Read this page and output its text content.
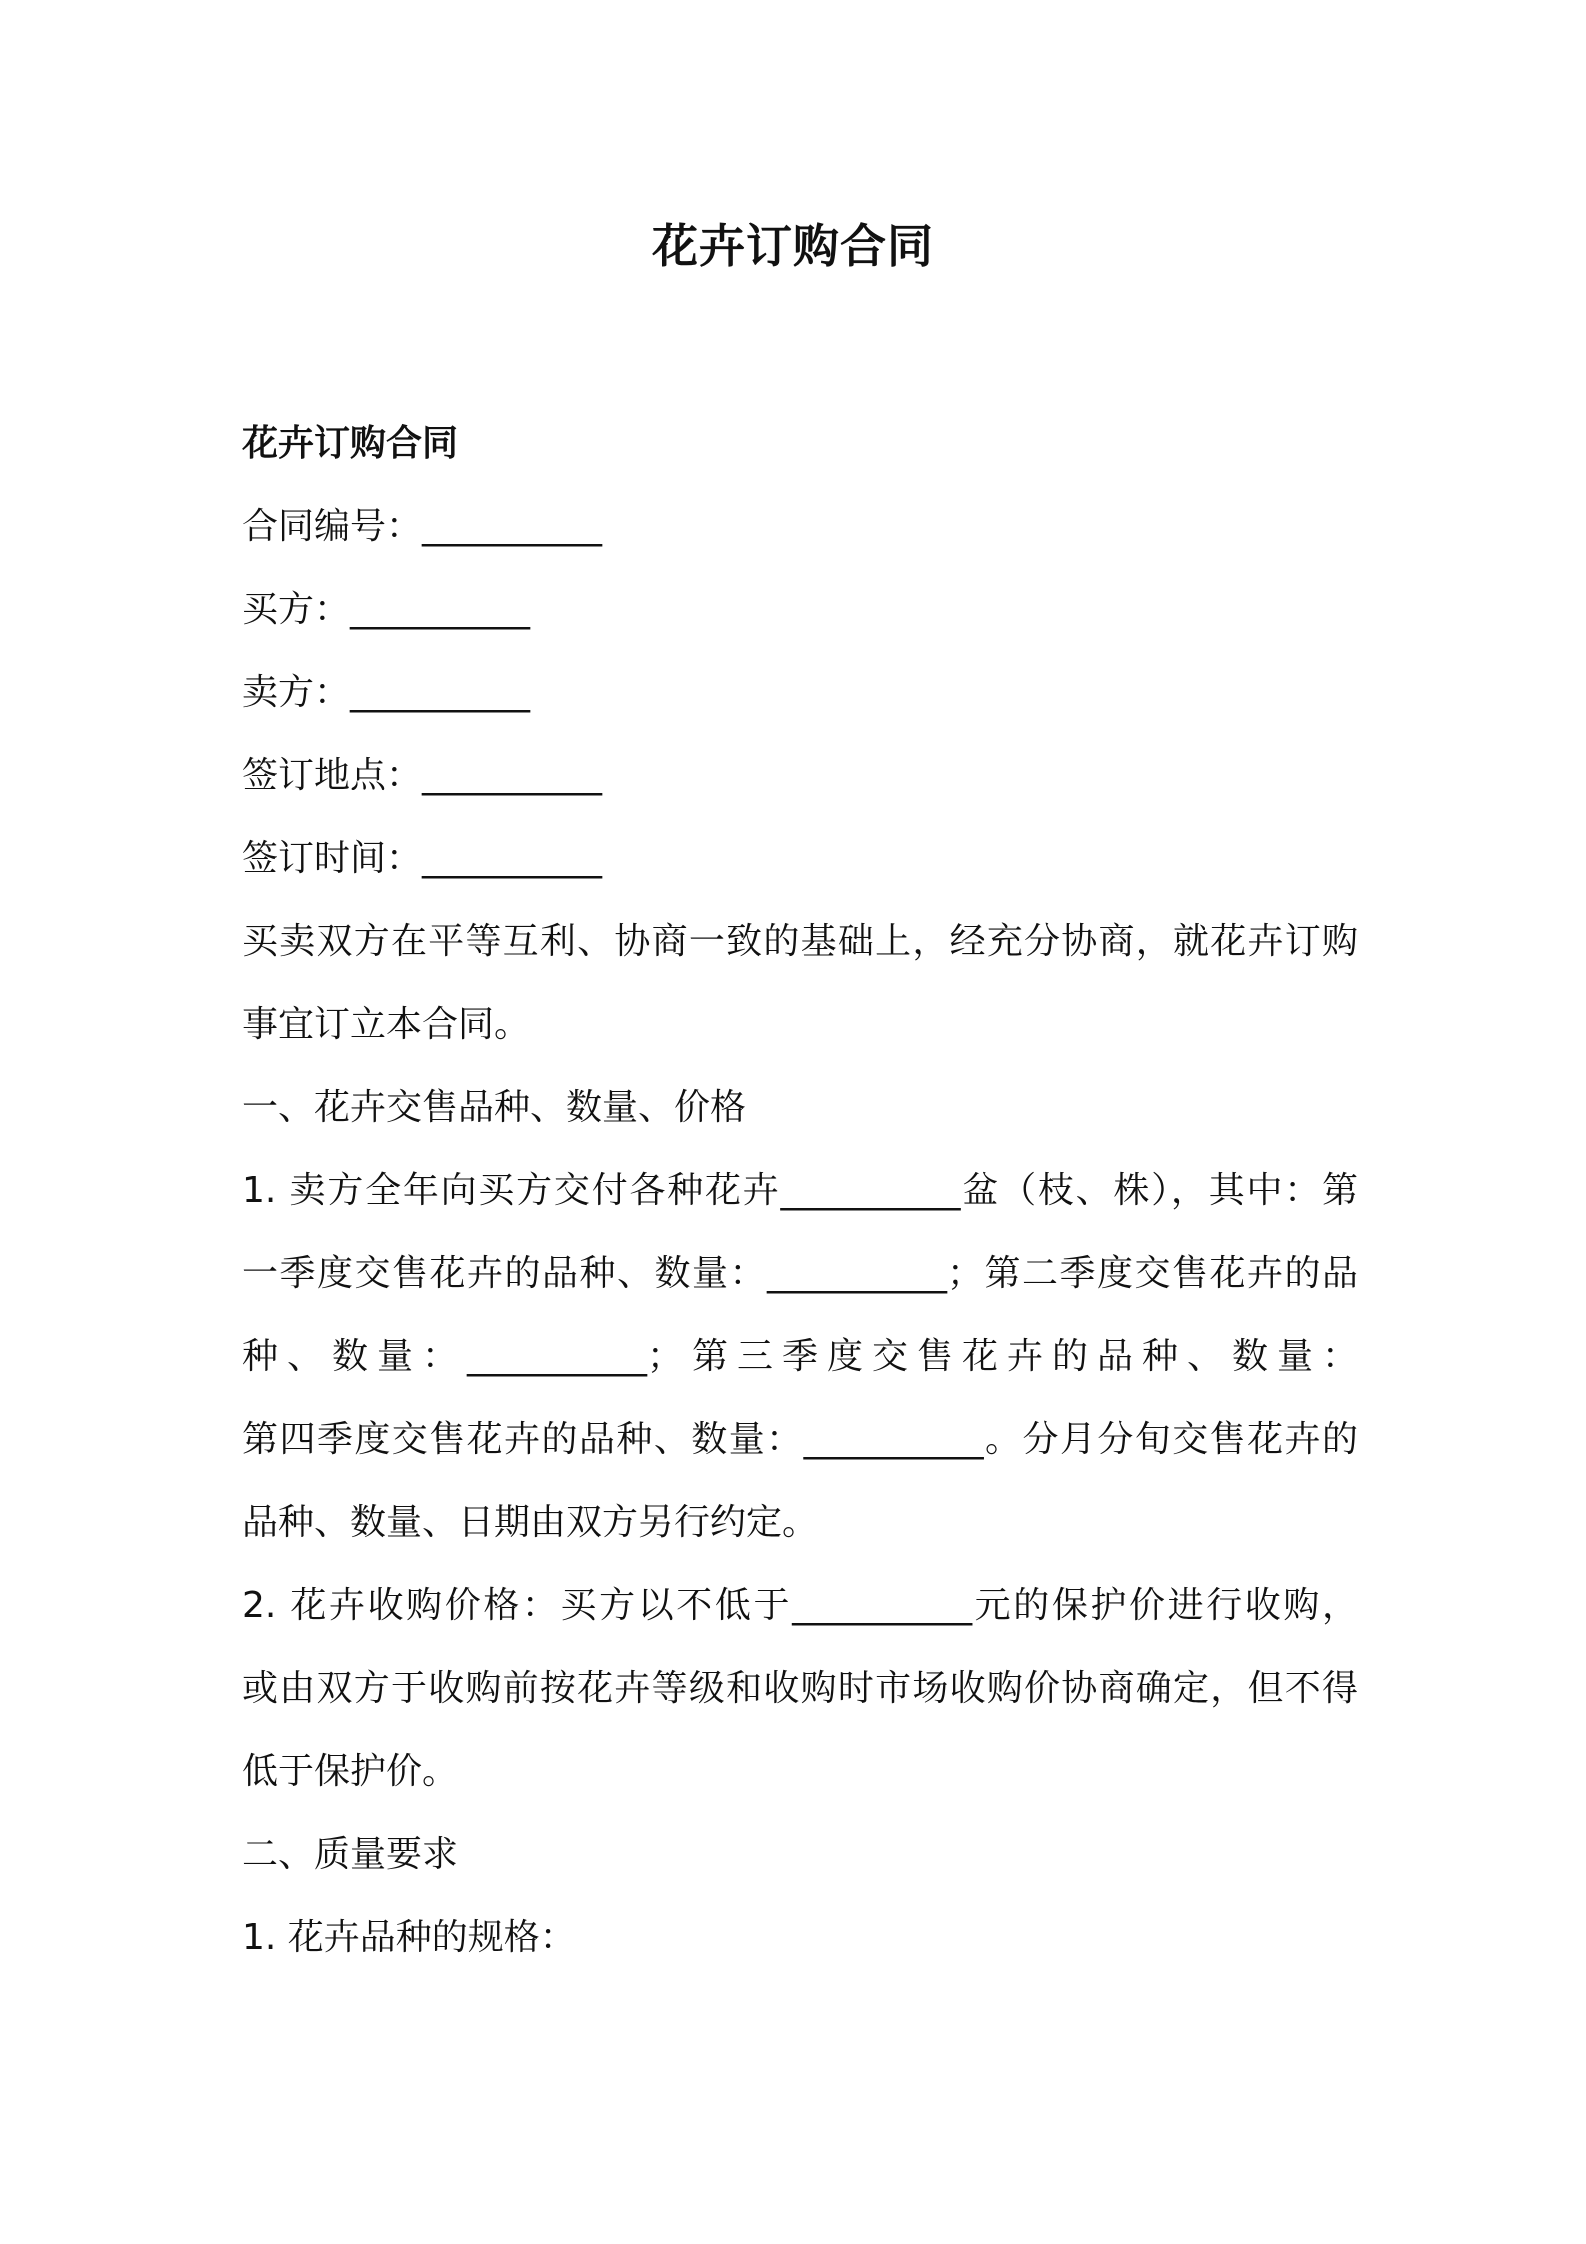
花卉订购合同
花卉订购合同
合同编号：__________
买方：__________
卖方：__________
签订地点：__________
签订时间：__________
买卖双方在平等互利、协商一致的基础上，经充分协商，就花卉订购
事宜订立本合同。
一、花卉交售品种、数量、价格
1. 卖方全年向买方交付各种花卉__________盆（枝、株），其中：第
一季度交售花卉的品种、数量：__________；第二季度交售花卉的品
种、数量：__________；第三季度交售花卉的品种、数量：
第四季度交售花卉的品种、数量：__________。分月分旬交售花卉的
品种、数量、日期由双方另行约定。
2. 花卉收购价格：买方以不低于__________元的保护价进行收购，
或由双方于收购前按花卉等级和收购时市场收购价协商确定，但不得
低于保护价。
二、质量要求
1. 花卉品种的规格：
